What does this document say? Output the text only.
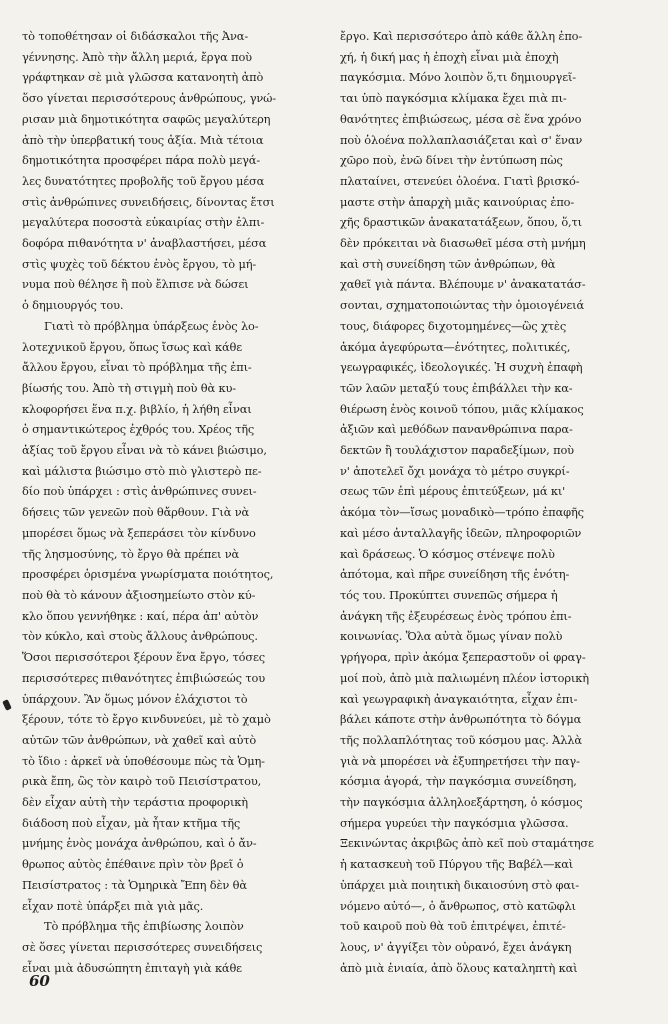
τὸ τοποθέτησαν οἱ διδάσκαλοι τῆς Ἀνα-
γέννησης. Ἀπὸ τὴν ἄλλη μεριά, ἔργα ποὺ
γράφτηκαν σὲ μιὰ γλῶσσα κατανοητὴ ἀπὸ
ὅσο γίνεται περισσότερους ἀνθρώπους, γνώ-
ρισαν μιὰ δημοτικότητα σαφῶς μεγαλύτερη
ἀπὸ τὴν ὑπερβατική τους ἀξία. Μιὰ τέτοια
δημοτικότητα προσφέρει πάρα πολὺ μεγά-
λες δυνατότητες προβολῆς τοῦ ἔργου μέσα
στὶς ἀνθρώπινες συνειδήσεις, δίνοντας ἔτσι
μεγαλύτερα ποσοστὰ εὐκαιρίας στὴν ἐλπι-
δοφόρα πιθανότητα ν' ἀναβλαστήσει, μέσα
στὶς ψυχὲς τοῦ δέκτου ἑνὸς ἔργου, τὸ μή-
νυμα ποὺ θέλησε ἢ ποὺ ἔλπισε νὰ δώσει
ὁ δημιουργός του.
Γιατὶ τὸ πρόβλημα ὑπάρξεως ἑνὸς λο-
λοτεχνικοῦ ἔργου, ὅπως ἴσως καὶ κάθε
ἄλλου ἔργου, εἶναι τὸ πρόβλημα τῆς ἐπι-
βίωσής του. Ἀπὸ τὴ στιγμὴ ποὺ θὰ κυ-
κλοφορήσει ἕνα π.χ. βιβλίο, ἡ λήθη εἶναι
ὁ σημαντικώτερος ἐχθρός του. Χρέος τῆς
ἀξίας τοῦ ἔργου εἶναι νὰ τὸ κάνει βιώσιμο,
καὶ μάλιστα βιώσιμο στὸ πιὸ γλιστερὸ πε-
δίο ποὺ ὑπάρχει : στὶς ἀνθρώπινες συνει-
δήσεις τῶν γενεῶν ποὺ θἄρθουν. Γιὰ νὰ
μπορέσει ὅμως νὰ ξεπεράσει τὸν κίνδυνο
τῆς λησμοσύνης, τὸ ἔργο θὰ πρέπει νὰ
προσφέρει ὁρισμένα γνωρίσματα ποιότητος,
ποὺ θὰ τὸ κάνουν ἀξιοσημείωτο στὸν κύ-
κλο ὅπου γεννήθηκε : καί, πέρα ἀπ' αὐτὸν
τὸν κύκλο, καὶ στοὺς ἄλλους ἀνθρώπους.
Ὅσοι περισσότεροι ξέρουν ἕνα ἔργο, τόσες
περισσότερες πιθανότητες ἐπιβιώσεώς του
ὑπάρχουν. Ἂν ὅμως μόνον ἐλάχιστοι τὸ
ξέρουν, τότε τὸ ἔργο κινδυνεύει, μὲ τὸ χαμὸ
αὐτῶν τῶν ἀνθρώπων, νὰ χαθεῖ καὶ αὐτὸ
τὸ ἴδιο : ἀρκεῖ νὰ ὑποθέσουμε πὼς τὰ Ὁμη-
ρικὰ ἔπη, ὣς τὸν καιρὸ τοῦ Πεισίστρατου,
δὲν εἶχαν αὐτὴ τὴν τεράστια προφορικὴ
διάδοση ποὺ εἶχαν, μὰ ἦταν κτῆμα τῆς
μνήμης ἑνὸς μονάχα ἀνθρώπου, καὶ ὁ ἄν-
θρωπος αὐτὸς ἐπέθαινε πρὶν τὸν βρεῖ ὁ
Πεισίστρατος : τὰ Ὁμηρικὰ Ἔπη δὲν θὰ
εἶχαν ποτὲ ὑπάρξει πιὰ γιὰ μᾶς.
Τὸ πρόβλημα τῆς ἐπιβίωσης λοιπὸν
σὲ ὅσες γίνεται περισσότερες συνειδήσεις
εἶναι μιὰ ἀδυσώπητη ἐπιταγὴ γιὰ κάθε
ἔργο. Καὶ περισσότερο ἀπὸ κάθε ἄλλη ἐπο-
χή, ἡ δική μας ἡ ἐποχὴ εἶναι μιὰ ἐποχὴ
παγκόσμια. Μόνο λοιπὸν ὅ,τι δημιουργεῖ-
ται ὑπὸ παγκόσμια κλίμακα ἔχει πιὰ πι-
θανότητες ἐπιβιώσεως, μέσα σὲ ἕνα χρόνο
ποὺ ὁλοένα πολλαπλασιάζεται καὶ σ' ἕναν
χῶρο ποὺ, ἐνῶ δίνει τὴν ἐντύπωση πὼς
πλαταίνει, στενεύει ὁλοένα. Γιατὶ βρισκό-
μαστε στὴν ἀπαρχὴ μιᾶς καινούριας ἐπο-
χῆς δραστικῶν ἀνακατατάξεων, ὅπου, ὅ,τι
δὲν πρόκειται νὰ διασωθεῖ μέσα στὴ μνήμη
καὶ στὴ συνείδηση τῶν ἀνθρώπων, θὰ
χαθεῖ γιὰ πάντα. Βλέπουμε ν' ἀνακατατάσ-
σονται, σχηματοποιώντας τὴν ὁμοιογένειά
τους, διάφορες διχοτομημένες—ὣς χτὲς
ἀκόμα ἀγεφύρωτα—ἑνότητες, πολιτικές,
γεωγραφικές, ἰδεολογικές. Ἡ συχνὴ ἐπαφὴ
τῶν λαῶν μεταξύ τους ἐπιβάλλει τὴν κα-
θιέρωση ἑνὸς κοινοῦ τόπου, μιᾶς κλίμακος
ἀξιῶν καὶ μεθόδων πανανθρώπινα παρα-
δεκτῶν ἢ τουλάχιστον παραδεξίμων, ποὺ
ν' ἀποτελεῖ ὄχι μονάχα τὸ μέτρο συγκρί-
σεως τῶν ἐπὶ μέρους ἐπιτεύξεων, μά κι'
ἀκόμα τὸν—ἴσως μοναδικὸ—τρόπο ἐπαφῆς
καὶ μέσο ἀνταλλαγῆς ἰδεῶν, πληροφοριῶν
καὶ δράσεως. Ὁ κόσμος στένεψε πολὺ
ἀπότομα, καὶ πῆρε συνείδηση τῆς ἑνότη-
τός του. Προκύπτει συνεπῶς σήμερα ἡ
ἀνάγκη τῆς ἐξευρέσεως ἑνὸς τρόπου ἐπι-
κοινωνίας. Ὅλα αὐτὰ ὅμως γίναν πολὺ
γρήγορα, πρὶν ἀκόμα ξεπεραστοῦν οἱ φραγ-
μοί ποὺ, ἀπὸ μιὰ παλιωμένη πλέον ἱστορικὴ
καὶ γεωγραφικὴ ἀναγκαιότητα, εἶχαν ἐπι-
βάλει κάποτε στὴν ἀνθρωπότητα τὸ δόγμα
τῆς πολλαπλότητας τοῦ κόσμου μας. Ἀλλὰ
γιὰ νὰ μπορέσει νὰ ἐξυπηρετήσει τὴν παγ-
κόσμια ἀγορά, τὴν παγκόσμια συνείδηση,
τὴν παγκόσμια ἀλληλοεξάρτηση, ὁ κόσμος
σήμερα γυρεύει τὴν παγκόσμια γλῶσσα.
Ξεκινώντας ἀκριβῶς ἀπὸ κεῖ ποὺ σταμάτησε
ἡ κατασκευὴ τοῦ Πύργου τῆς Βαβέλ—καὶ
ὑπάρχει μιὰ ποιητικὴ δικαιοσύνη στὸ φαι-
νόμενο αὐτό—, ὁ ἄνθρωπος, στὸ κατῶφλι
τοῦ καιροῦ ποὺ θὰ τοῦ ἐπιτρέψει, ἐπιτέ-
λους, ν' ἀγγίξει τὸν οὐρανό, ἔχει ἀνάγκη
ἀπὸ μιὰ ἑνιαία, ἀπὸ ὅλους καταληπτὴ καὶ
60
